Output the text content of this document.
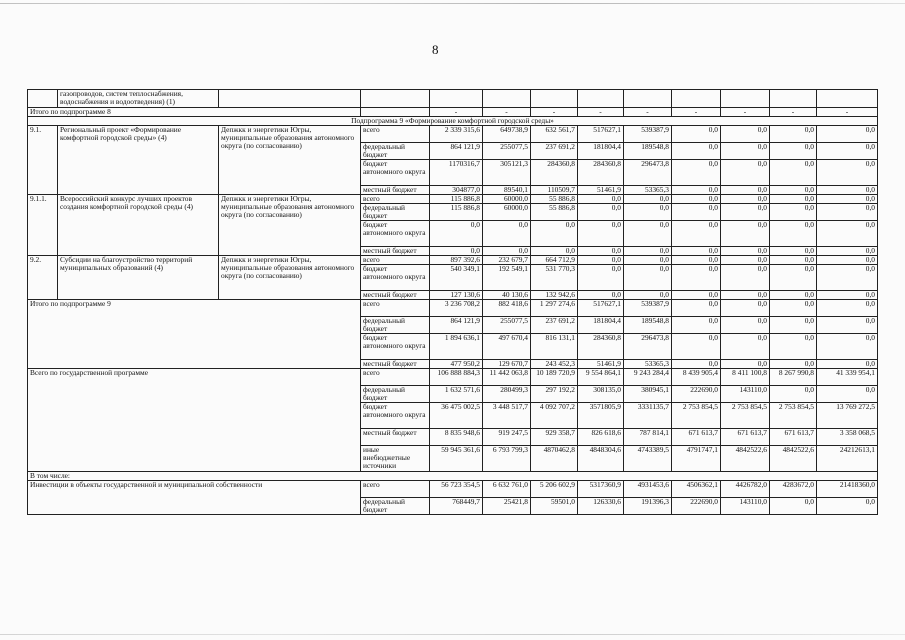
8
	газопроводов, систем теплоснабжения, водоснабжения и водоотведения) (1)											
Итого по подпрограмме 8				-	-	-	-	-	-	-	-	-
Подпрограмма 9 «Формирование комфортной городской среды»												
9.1.	Региональный проект «Формирование комфортной городской среды» (4)	Депжкк и энергетики Югры, муниципальные образования автономного округа (по согласованию)	всего	2 339 315,6	649738,9	632 561,7	517627,1	539387,9	0,0	0,0	0,0	0,0
			федеральный бюджет	864 121,9	255077,5	237 691,2	181804,4	189548,8	0,0	0,0	0,0	0,0
			бюджет автономного округа	1170316,7	305121,3	284360,8	284360,8	296473,8	0,0	0,0	0,0	0,0
			местный бюджет	304877,0	89540,1	110509,7	51461,9	53365,3	0,0	0,0	0,0	0,0
9.1.1.	Всероссийский конкурс лучших проектов создания комфортной городской среды (4)	Депжкк и энергетики Югры, муниципальные образования автономного округа (по согласованию)	всего	115 886,8	60000,0	55 886,8	0,0	0,0	0,0	0,0	0,0	0,0
			федеральный бюджет	115 886,8	60000,0	55 886,8	0,0	0,0	0,0	0,0	0,0	0,0
			бюджет автономного округа	0,0	0,0	0,0	0,0	0,0	0,0	0,0	0,0	0,0
			местный бюджет	0,0	0,0	0,0	0,0	0,0	0,0	0,0	0,0	0,0
9.2.	Субсидии на благоустройство территорий муниципальных образований (4)	Депжкк и энергетики Югры, муниципальные образования автономного округа (по согласованию)	всего	897 392,6	232 679,7	664 712,9	0,0	0,0	0,0	0,0	0,0	0,0
			бюджет автономного округа	540 349,1	192 549,1	531 770,3	0,0	0,0	0,0	0,0	0,0	0,0
			местный бюджет	127 130,6	40 130,6	132 942,6	0,0	0,0	0,0	0,0	0,0	0,0
Итого по подпрограмме 9			всего	3 236 708,2	882 418,6	1 297 274,6	517627,1	539387,9	0,0	0,0	0,0	0,0
			федеральный бюджет	864 121,9	255077,5	237 691,2	181804,4	189548,8	0,0	0,0	0,0	0,0
			бюджет автономного округа	1 894 636,1	497 670,4	816 131,1	284360,8	296473,8	0,0	0,0	0,0	0,0
			местный бюджет	477 950,2	129 670,7	243 452,3	51461,9	53365,3	0,0	0,0	0,0	0,0
Всего по государственной программе			всего	106 888 884,3	11 442 063,8	10 189 720,9	9 554 864,1	9 243 284,4	8 439 905,4	8 411 100,8	8 267 990,8	41 339 954,1
			федеральный бюджет	1 632 571,6	280499,3	297 192,2	308135,0	380945,1	222690,0	143110,0	0,0	0,0
			бюджет автономного округа	36 475 002,5	3 448 517,7	4 092 707,2	3571805,9	3331135,7	2 753 854,5	2 753 854,5	2 753 854,5	13 769 272,5
			местный бюджет	8 835 948,6	919 247,5	929 358,7	826 618,6	787 814,1	671 613,7	671 613,7	671 613,7	3 358 068,5
			иные внебюджетные источники	59 945 361,6	6 793 799,3	4870462,8	4848304,6	4743389,5	4791747,1	4842522,6	4842522,6	24212613,1
В том числе:												
Инвестиции в объекты государственной и муниципальной собственности			всего	56 723 354,5	6 632 761,0	5 206 602,9	5317360,9	4931453,6	4506362,1	4426782,0	4283672,0	21418360,0
			федеральный бюджет	768449,7	25421,8	59501,0	126330,6	191396,3	222690,0	143110,0	0,0	0,0
